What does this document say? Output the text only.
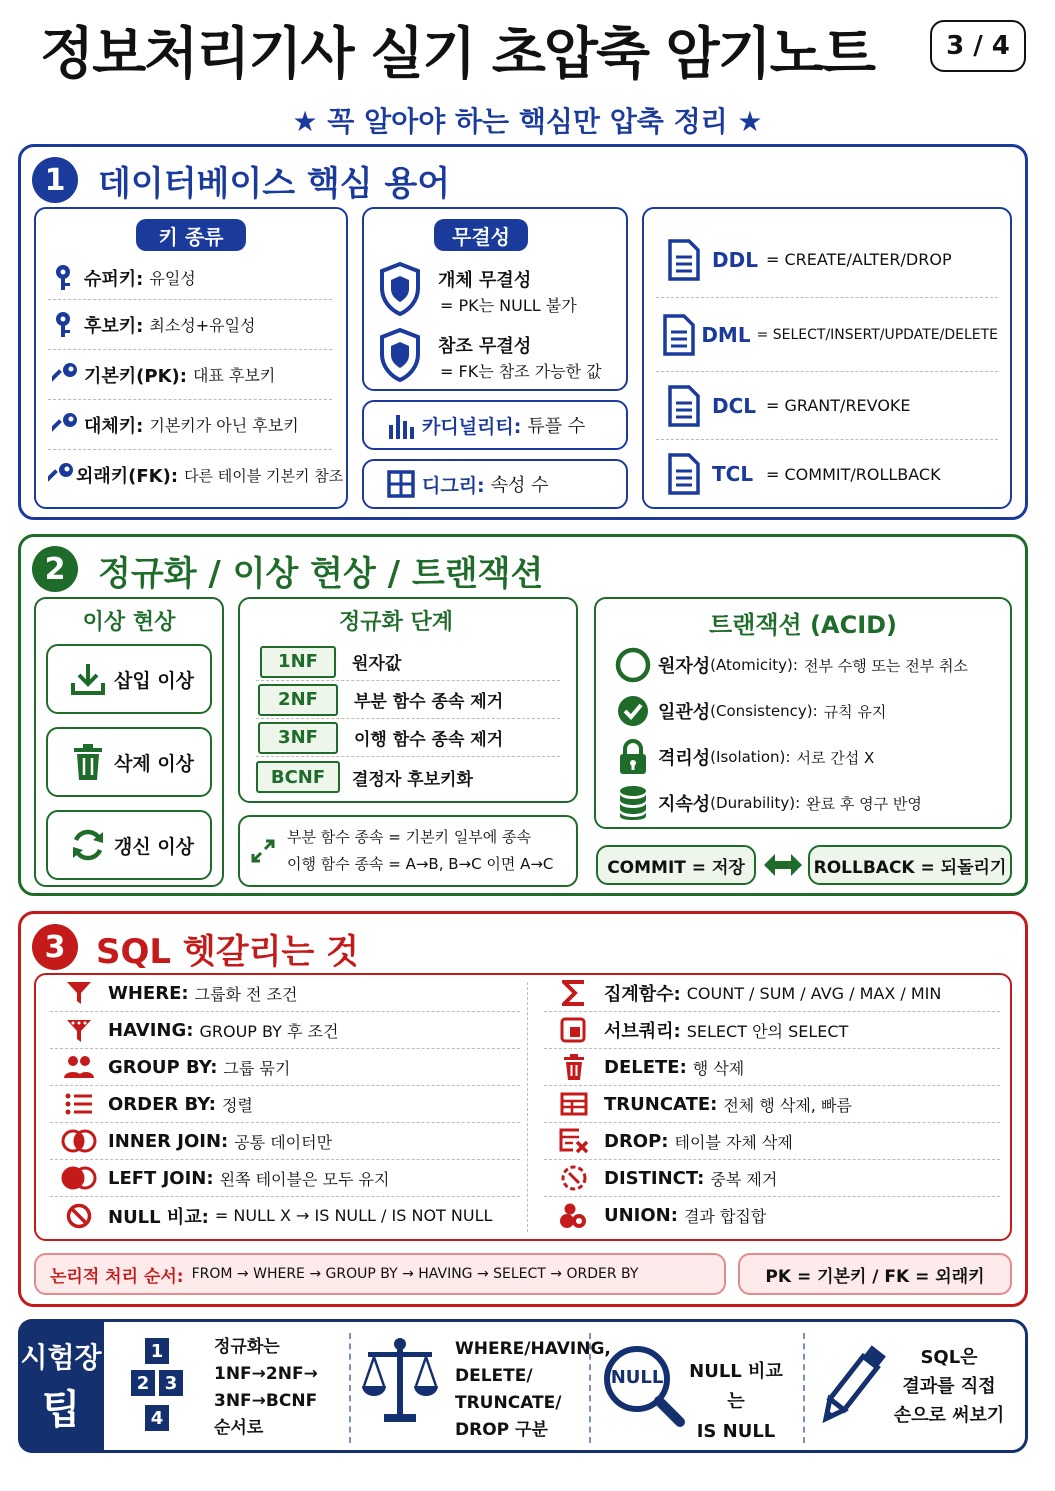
정보처리기사 실기 초압축 암기노트	3 / 4
★ 꼭 알아야 하는 핵심만 압축 정리 ★
1 데이터베이스 핵심 용어
키 종류
슈퍼키: 유일성
후보키: 최소성+유일성
기본키(PK): 대표 후보키
대체키: 기본키가 아닌 후보키
외래키(FK): 다른 테이블 기본키 참조
무결성
개체 무결성
= PK는 NULL 불가
참조 무결성
= FK는 참조 가능한 값
카디널리티: 튜플 수
디그리: 속성 수
DDL = CREATE/ALTER/DROP
DML = SELECT/INSERT/UPDATE/DELETE
DCL = GRANT/REVOKE
TCL = COMMIT/ROLLBACK
2 정규화 / 이상 현상 / 트랜잭션
이상 현상
삽입 이상
삭제 이상
갱신 이상
정규화 단계
1NF	원자값
2NF	부분 함수 종속 제거
3NF	이행 함수 종속 제거
BCNF	결정자 후보키화
부분 함수 종속 = 기본키 일부에 종속
이행 함수 종속 = A→B, B→C 이면 A→C
트랜잭션 (ACID)
원자성 (Atomicity): 전부 수행 또는 전부 취소
일관성 (Consistency): 규칙 유지
격리성 (Isolation): 서로 간섭 X
지속성 (Durability): 완료 후 영구 반영
COMMIT = 저장	ROLLBACK = 되돌리기
3 SQL 헷갈리는 것
WHERE: 그룹화 전 조건
HAVING: GROUP BY 후 조건
GROUP BY: 그룹 묶기
ORDER BY: 정렬
INNER JOIN: 공통 데이터만
LEFT JOIN: 왼쪽 테이블은 모두 유지
NULL 비교: = NULL X → IS NULL / IS NOT NULL
집계함수: COUNT / SUM / AVG / MAX / MIN
서브쿼리: SELECT 안의 SELECT
DELETE: 행 삭제
TRUNCATE: 전체 행 삭제, 빠름
DROP: 테이블 자체 삭제
DISTINCT: 중복 제거
UNION: 결과 합집합
논리적 처리 순서: FROM → WHERE → GROUP BY → HAVING → SELECT → ORDER BY	PK = 기본키 / FK = 외래키
시험장
팁
1
2 3
4
정규화는
1NF→2NF→
3NF→BCNF
순서로
WHERE/HAVING,
DELETE/
TRUNCATE/
DROP 구분
NULL NULL 비교는
IS NULL
SQL은
결과를 직접
손으로 써보기
